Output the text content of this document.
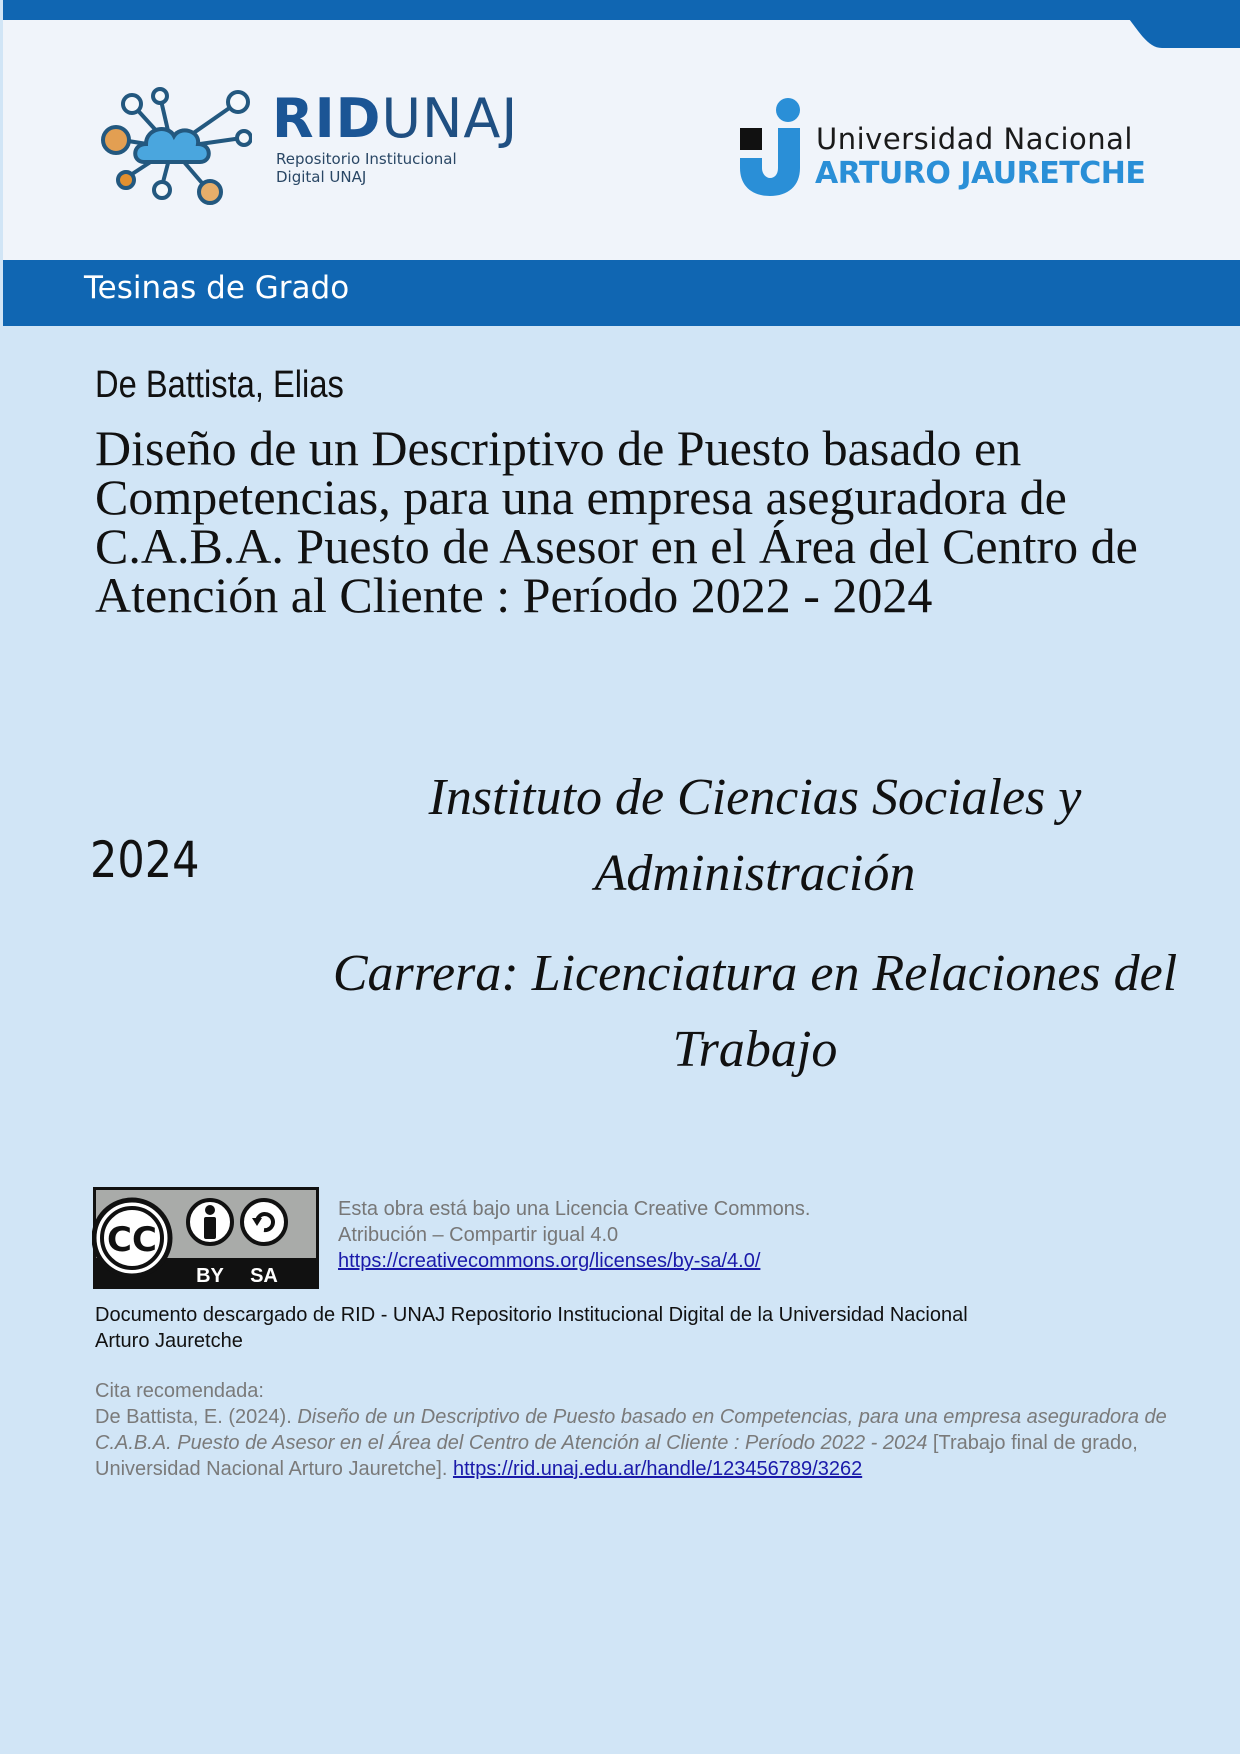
RIDUNAJ
Repositorio Institucional
Digital UNAJ
Universidad Nacional
ARTURO JAURETCHE
Tesinas de Grado
De Battista, Elias
Diseño de un Descriptivo de Puesto basado en Competencias, para una empresa aseguradora de C.A.B.A. Puesto de Asesor en el Área del Centro de Atención al Cliente : Período 2022 - 2024
2024
Instituto de Ciencias Sociales y Administración
Carrera: Licenciatura en Relaciones del Trabajo
CC
BY SA
Esta obra está bajo una Licencia Creative Commons.
Atribución – Compartir igual 4.0
https://creativecommons.org/licenses/by-sa/4.0/
Documento descargado de RID - UNAJ Repositorio Institucional Digital de la Universidad Nacional Arturo Jauretche
Cita recomendada:
De Battista, E. (2024). Diseño de un Descriptivo de Puesto basado en Competencias, para una empresa aseguradora de C.A.B.A. Puesto de Asesor en el Área del Centro de Atención al Cliente : Período 2022 - 2024 [Trabajo final de grado, Universidad Nacional Arturo Jauretche]. https://rid.unaj.edu.ar/handle/123456789/3262
